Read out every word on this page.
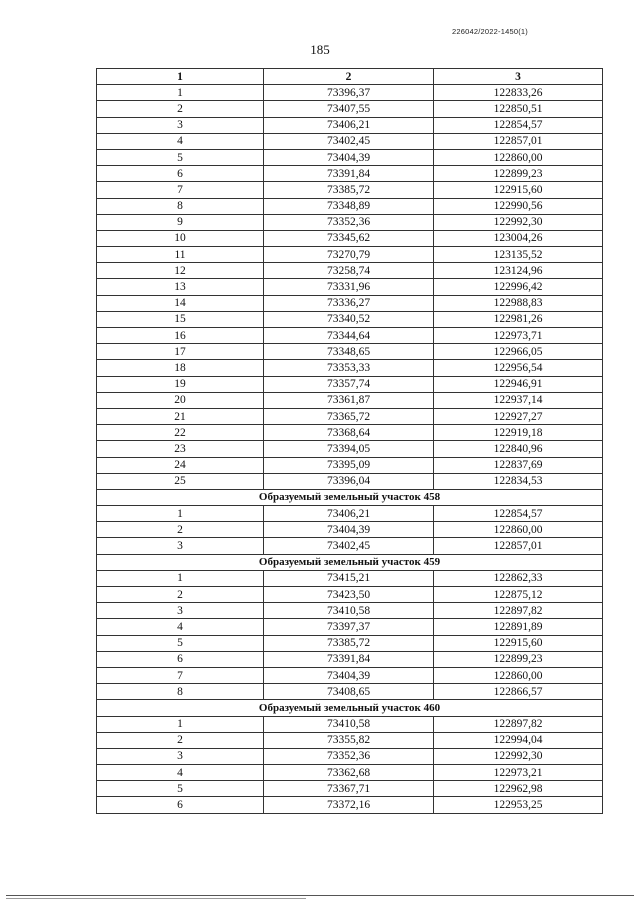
226042/2022-1450(1)
185
1	2	3
1	73396,37	122833,26
2	73407,55	122850,51
3	73406,21	122854,57
4	73402,45	122857,01
5	73404,39	122860,00
6	73391,84	122899,23
7	73385,72	122915,60
8	73348,89	122990,56
9	73352,36	122992,30
10	73345,62	123004,26
11	73270,79	123135,52
12	73258,74	123124,96
13	73331,96	122996,42
14	73336,27	122988,83
15	73340,52	122981,26
16	73344,64	122973,71
17	73348,65	122966,05
18	73353,33	122956,54
19	73357,74	122946,91
20	73361,87	122937,14
21	73365,72	122927,27
22	73368,64	122919,18
23	73394,05	122840,96
24	73395,09	122837,69
25	73396,04	122834,53
Образуемый земельный участок 458		
1	73406,21	122854,57
2	73404,39	122860,00
3	73402,45	122857,01
Образуемый земельный участок 459		
1	73415,21	122862,33
2	73423,50	122875,12
3	73410,58	122897,82
4	73397,37	122891,89
5	73385,72	122915,60
6	73391,84	122899,23
7	73404,39	122860,00
8	73408,65	122866,57
Образуемый земельный участок 460		
1	73410,58	122897,82
2	73355,82	122994,04
3	73352,36	122992,30
4	73362,68	122973,21
5	73367,71	122962,98
6	73372,16	122953,25
